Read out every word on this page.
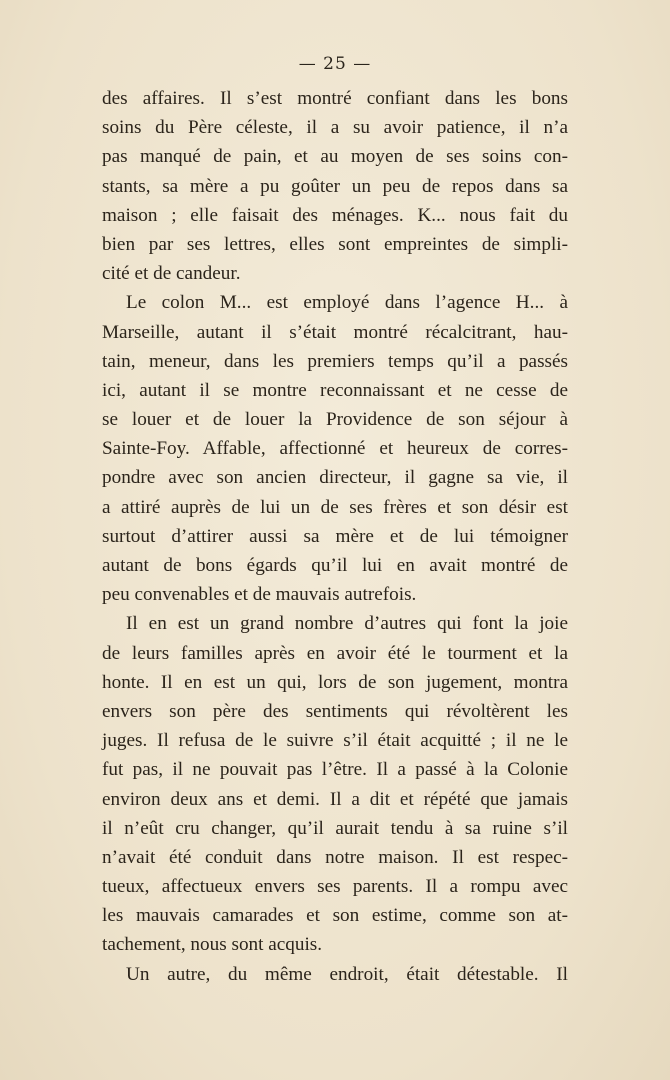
— 25 —
des affaires. Il s’est montré confiant dans les bons
soins du Père céleste, il a su avoir patience, il n’a
pas manqué de pain, et au moyen de ses soins con-
stants, sa mère a pu goûter un peu de repos dans sa
maison ; elle faisait des ménages. K... nous fait du
bien par ses lettres, elles sont empreintes de simpli-
cité et de candeur.
Le colon M... est employé dans l’agence H... à
Marseille, autant il s’était montré récalcitrant, hau-
tain, meneur, dans les premiers temps qu’il a passés
ici, autant il se montre reconnaissant et ne cesse de
se louer et de louer la Providence de son séjour à
Sainte-Foy. Affable, affectionné et heureux de corres-
pondre avec son ancien directeur, il gagne sa vie, il
a attiré auprès de lui un de ses frères et son désir est
surtout d’attirer aussi sa mère et de lui témoigner
autant de bons égards qu’il lui en avait montré de
peu convenables et de mauvais autrefois.
Il en est un grand nombre d’autres qui font la joie
de leurs familles après en avoir été le tourment et la
honte. Il en est un qui, lors de son jugement, montra
envers son père des sentiments qui révoltèrent les
juges. Il refusa de le suivre s’il était acquitté ; il ne le
fut pas, il ne pouvait pas l’être. Il a passé à la Colonie
environ deux ans et demi. Il a dit et répété que jamais
il n’eût cru changer, qu’il aurait tendu à sa ruine s’il
n’avait été conduit dans notre maison. Il est respec-
tueux, affectueux envers ses parents. Il a rompu avec
les mauvais camarades et son estime, comme son at-
tachement, nous sont acquis.
Un autre, du même endroit, était détestable. Il
